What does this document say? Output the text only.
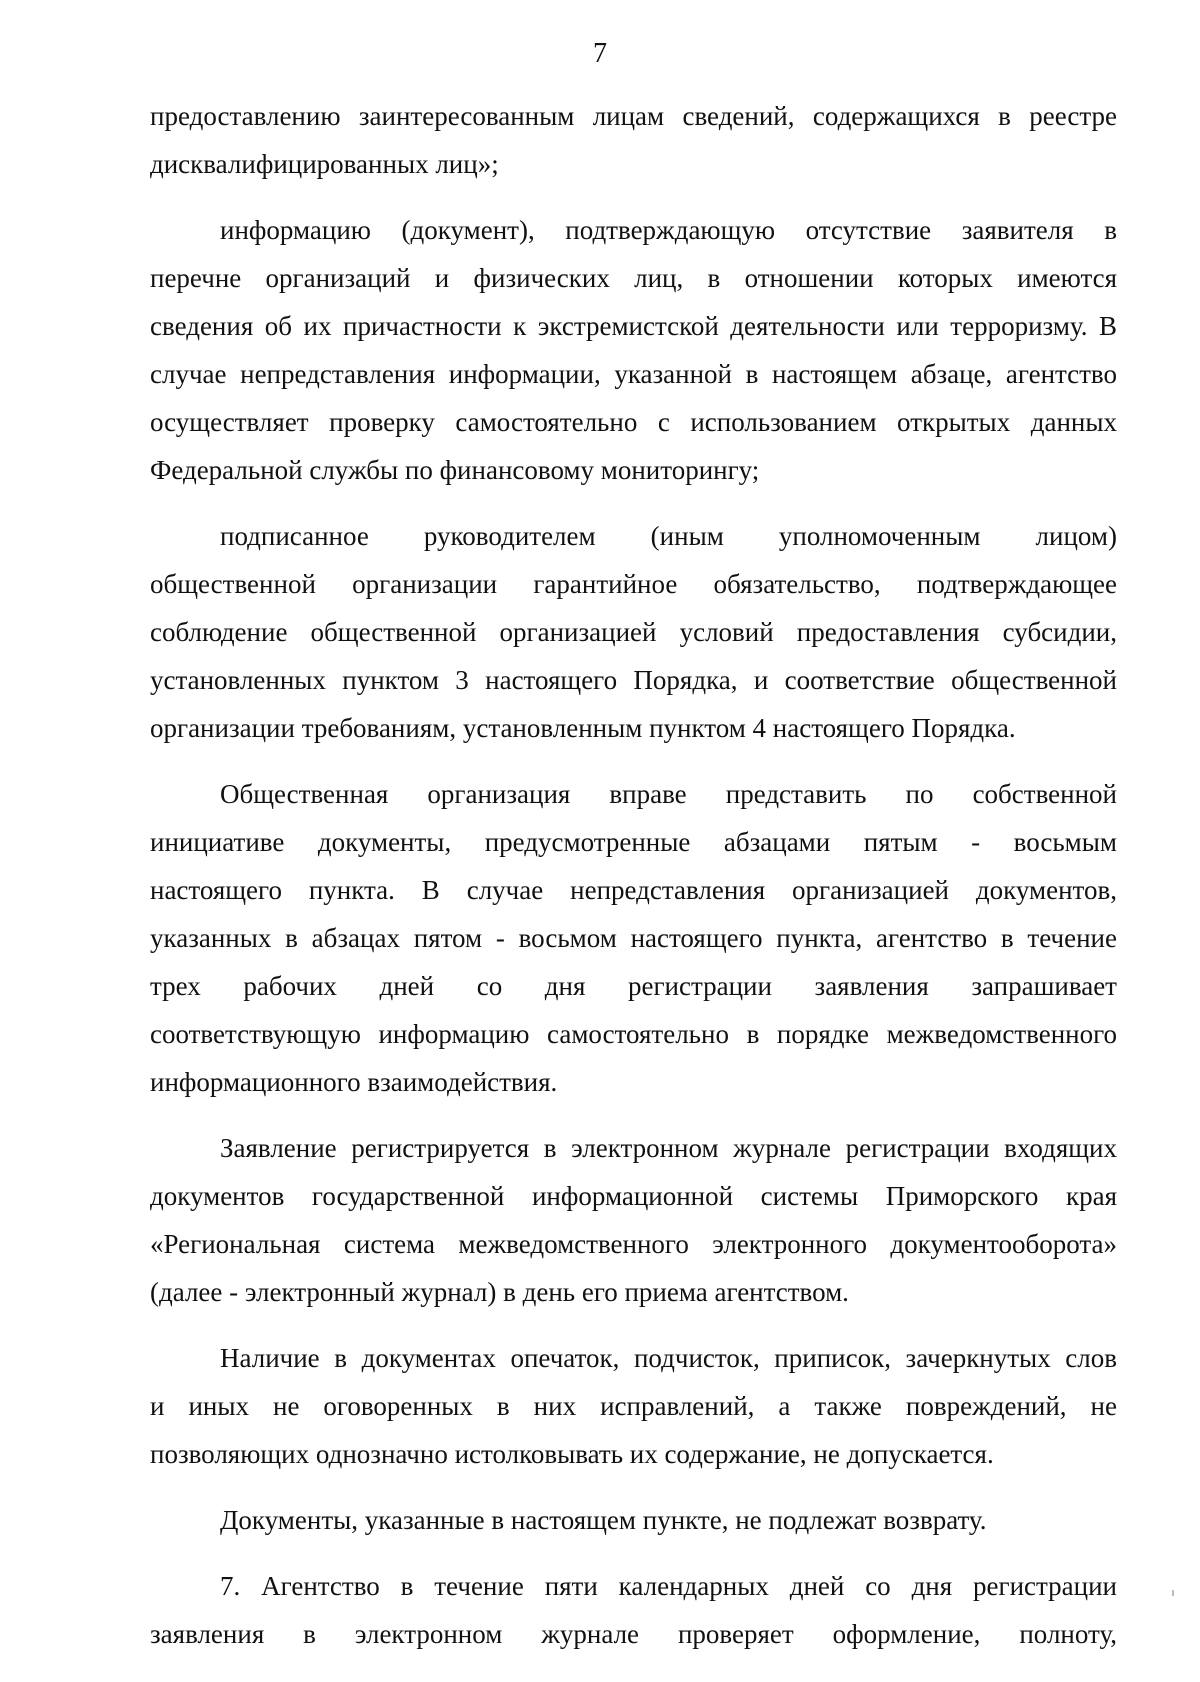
7

предоставлению заинтересованным лицам сведений, содержащихся в реестре
дисквалифицированных лиц»;

информацию (документ), подтверждающую отсутствие заявителя в
перечне организаций и физических лиц, в отношении которых имеются
сведения об их причастности к экстремистской деятельности или терроризму. В
случае непредставления информации, указанной в настоящем абзаце, агентство
осуществляет проверку самостоятельно с использованием открытых данных
Федеральной службы по финансовому мониторингу;

подписанное руководителем (иным уполномоченным лицом)
общественной организации гарантийное обязательство, подтверждающее
соблюдение общественной организацией условий предоставления субсидии,
установленных пунктом 3 настоящего Порядка, и соответствие общественной
организации требованиям, установленным пунктом 4 настоящего Порядка.

Общественная организация вправе представить по собственной
инициативе документы, предусмотренные абзацами пятым - восьмым
настоящего пункта. В случае непредставления организацией документов,
указанных в абзацах пятом - восьмом настоящего пункта, агентство в течение
трех рабочих дней со дня регистрации заявления запрашивает
соответствующую информацию самостоятельно в порядке межведомственного
информационного взаимодействия.

Заявление регистрируется в электронном журнале регистрации входящих
документов государственной информационной системы Приморского края
«Региональная система межведомственного электронного документооборота»
(далее - электронный журнал) в день его приема агентством.

Наличие в документах опечаток, подчисток, приписок, зачеркнутых слов
и иных не оговоренных в них исправлений, а также повреждений, не
позволяющих однозначно истолковывать их содержание, не допускается.

Документы, указанные в настоящем пункте, не подлежат возврату.

7. Агентство в течение пяти календарных дней со дня регистрации
заявления в электронном журнале проверяет оформление, полноту,
